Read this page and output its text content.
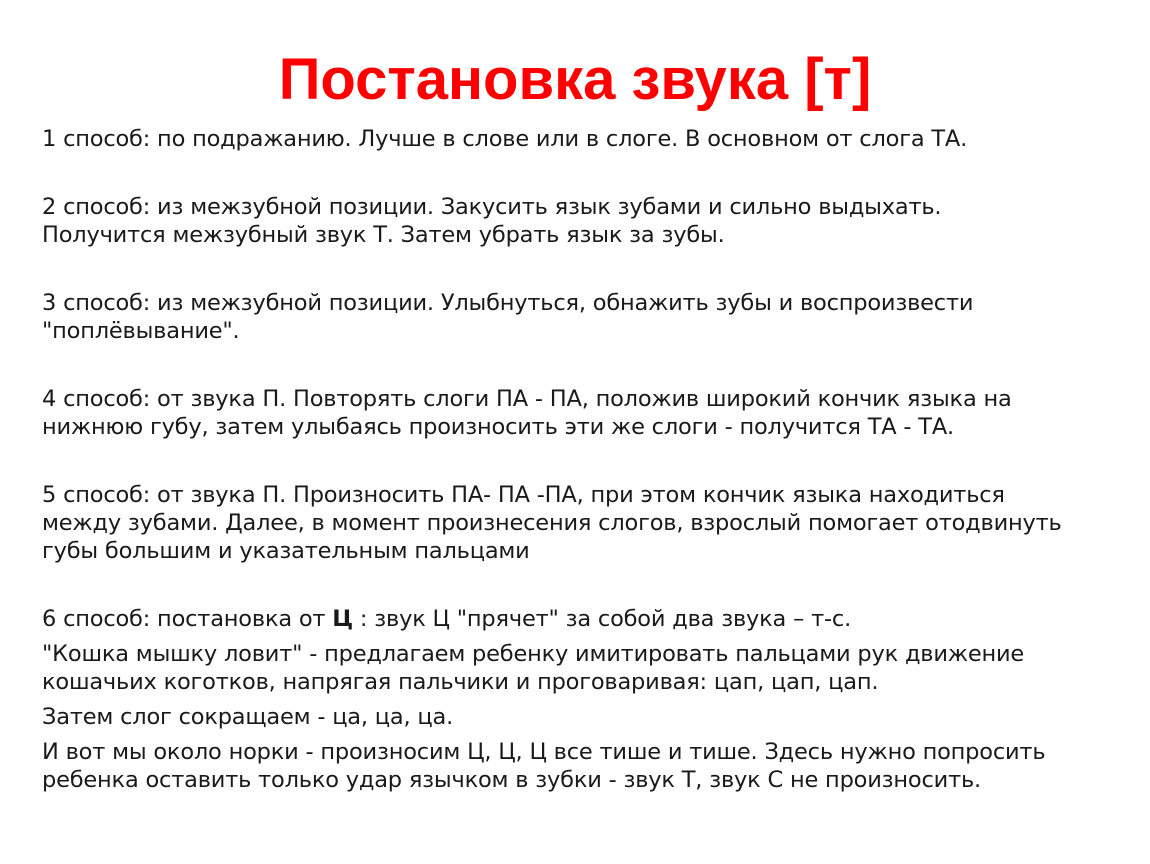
Постановка звука [т]

1 способ: по подражанию. Лучше в слове или в слоге. В основном от слога ТА.

2 способ: из межзубной позиции. Закусить язык зубами и сильно выдыхать.
Получится межзубный звук Т. Затем убрать язык за зубы.

3 способ: из межзубной позиции. Улыбнуться, обнажить зубы и воспроизвести
"поплёвывание".

4 способ: от звука П. Повторять слоги ПА - ПА, положив широкий кончик языка на
нижнюю губу, затем улыбаясь произносить эти же слоги - получится ТА - ТА.

5 способ: от звука П. Произносить ПА- ПА -ПА, при этом кончик языка находиться
между зубами. Далее, в момент произнесения слогов, взрослый помогает отодвинуть
губы большим и указательным пальцами

6 способ: постановка от Ц : звук Ц "прячет" за собой два звука – т-с.

"Кошка мышку ловит" - предлагаем ребенку имитировать пальцами рук движение
кошачьих коготков, напрягая пальчики и проговаривая: цап, цап, цап.

Затем слог сокращаем - ца, ца, ца.

И вот мы около норки - произносим Ц, Ц, Ц все тише и тише. Здесь нужно попросить
ребенка оставить только удар язычком в зубки - звук Т, звук С не произносить.
